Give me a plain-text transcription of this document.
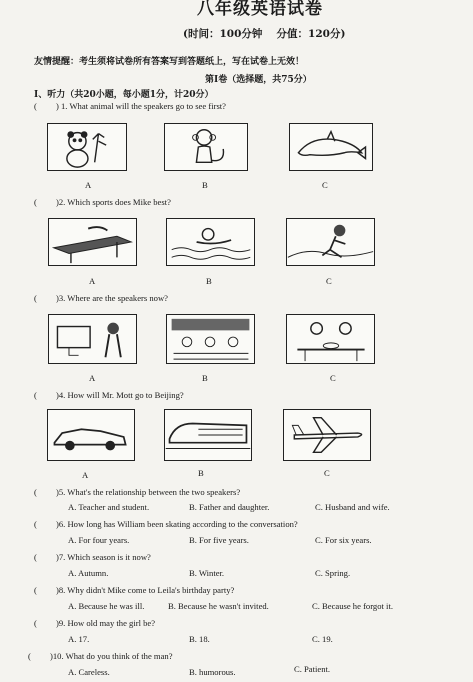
八年级英语试卷
(时间：100分钟　 分值：120分)
友情提醒：考生须将试卷所有答案写到答题纸上，写在试卷上无效！
第I卷（选择题，共75分）
I、听力（共20小题，每小题1分，计20分）
( ) 1. What animal will the speakers go to see first?
A	B	C
( )2. Which sports does Mike best?
A	B	C
( )3. Where are the speakers now?
A	B	C
( )4. How will Mr. Mott go to Beijing?
A	B	C
( )5. What's the relationship between the two speakers?
A. Teacher and student.	B. Father and daughter.	C. Husband and wife.
( )6. How long has William been skating according to the conversation?
A. For four years.	B. For five years.	C. For six years.
( )7. Which season is it now?
A. Autumn.	B. Winter.	C. Spring.
( )8. Why didn't Mike come to Leila's birthday party?
A. Because he was ill.	B. Because he wasn't invited.	C. Because he forgot it.
( )9. How old may the girl be?
A. 17.	B. 18.	C. 19.
( )10. What do you think of the man?
A. Careless.	B. humorous.	C. Patient.
